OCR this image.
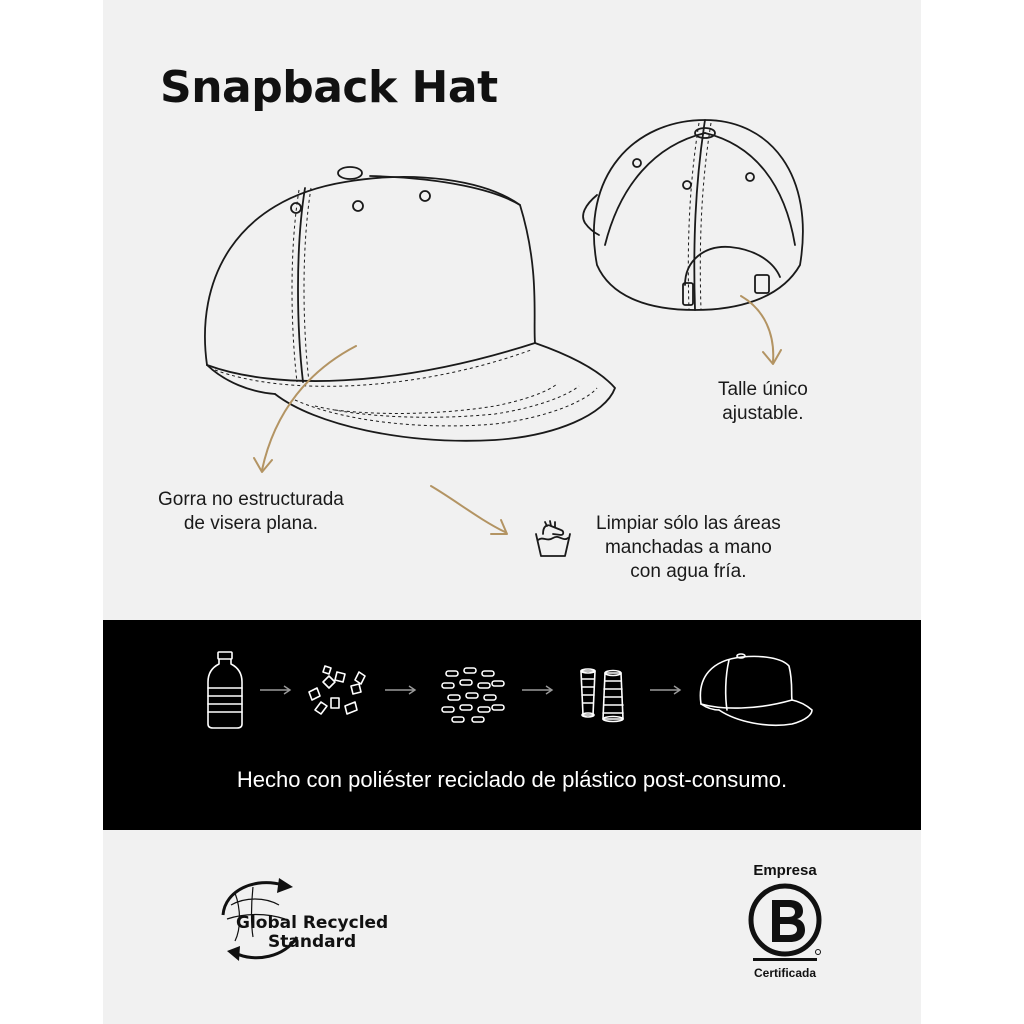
Snapback Hat
Gorra no estructurada
de visera plana.
Talle único
ajustable.
Limpiar sólo las áreas
manchadas a mano
con agua fría.
Hecho con poliéster reciclado de plástico post-consumo.
Global Recycled
Standard
Empresa
Certificada
